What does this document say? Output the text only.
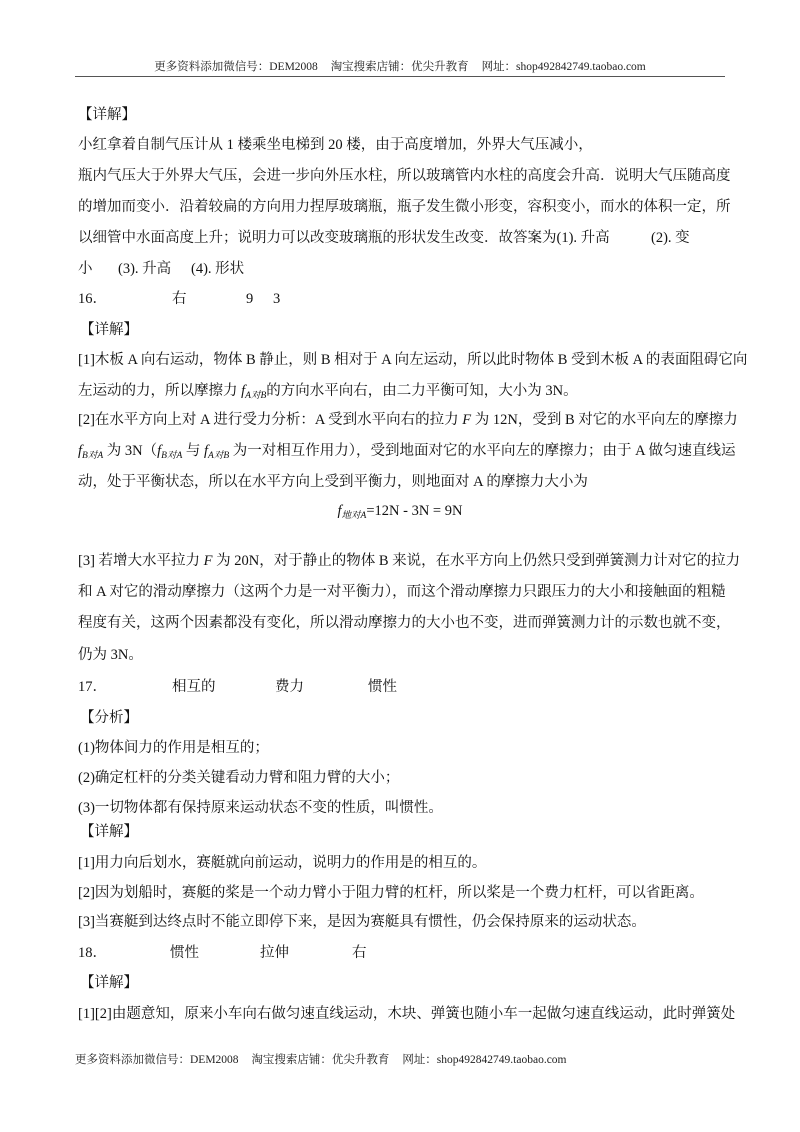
更多资料添加微信号：DEM2008 淘宝搜索店铺：优尖升教育 网址：shop492842749.taobao.com
【详解】
小红拿着自制气压计从 1 楼乘坐电梯到 20 楼，由于高度增加，外界大气压减小，
瓶内气压大于外界大气压，会进一步向外压水柱，所以玻璃管内水柱的高度会升高．说明大气压随高度
的增加而变小．沿着较扁的方向用力捏厚玻璃瓶，瓶子发生微小形变，容积变小，而水的体积一定，所
以细管中水面高度上升；说明力可以改变玻璃瓶的形状发生改变．故答案为(1). 升高	(2). 变
小 (3). 升高 (4). 形状
16．	右	9 3
【详解】
[1]木板 A 向右运动，物体 B 静止，则 B 相对于 A 向左运动，所以此时物体 B 受到木板 A 的表面阻碍它向
左运动的力，所以摩擦力 $f_{A对B}$的方向水平向右，由二力平衡可知，大小为 3N。
[2]在水平方向上对 A 进行受力分析：A 受到水平向右的拉力 F 为 12N，受到 B 对它的水平向左的摩擦力
$f_{B对A}$ 为 $3N(f_{B对A}$ 与 $f_{A对B}$ 为一对相互作用力），受到地面对它的水平向左的摩擦力；由于 A 做匀速直线运
动，处于平衡状态，所以在水平方向上受到平衡力，则地面对 A 的摩擦力大小为
$f_{地对A}=12N - 3N = 9N$
[3] 若增大水平拉力 F 为 20N，对于静止的物体 B 来说，在水平方向上仍然只受到弹簧测力计对它的拉力
和 A 对它的滑动摩擦力（这两个力是一对平衡力），而这个滑动摩擦力只跟压力的大小和接触面的粗糙
程度有关，这两个因素都没有变化，所以滑动摩擦力的大小也不变，进而弹簧测力计的示数也就不变，
仍为 3N。
17．	相互的	费力	惯性
【分析】
(1)物体间力的作用是相互的；
(2)确定杠杆的分类关键看动力臂和阻力臂的大小；
(3)一切物体都有保持原来运动状态不变的性质，叫惯性。
【详解】
[1]用力向后划水，赛艇就向前运动，说明力的作用是的相互的。
[2]因为划船时，赛艇的桨是一个动力臂小于阻力臂的杠杆，所以桨是一个费力杠杆，可以省距离。
[3]当赛艇到达终点时不能立即停下来，是因为赛艇具有惯性，仍会保持原来的运动状态。
18．	惯性	拉伸	右
【详解】
[1][2]由题意知，原来小车向右做匀速直线运动，木块、弹簧也随小车一起做匀速直线运动，此时弹簧处
更多资料添加微信号：DEM2008 淘宝搜索店铺：优尖升教育 网址：shop492842749.taobao.com
